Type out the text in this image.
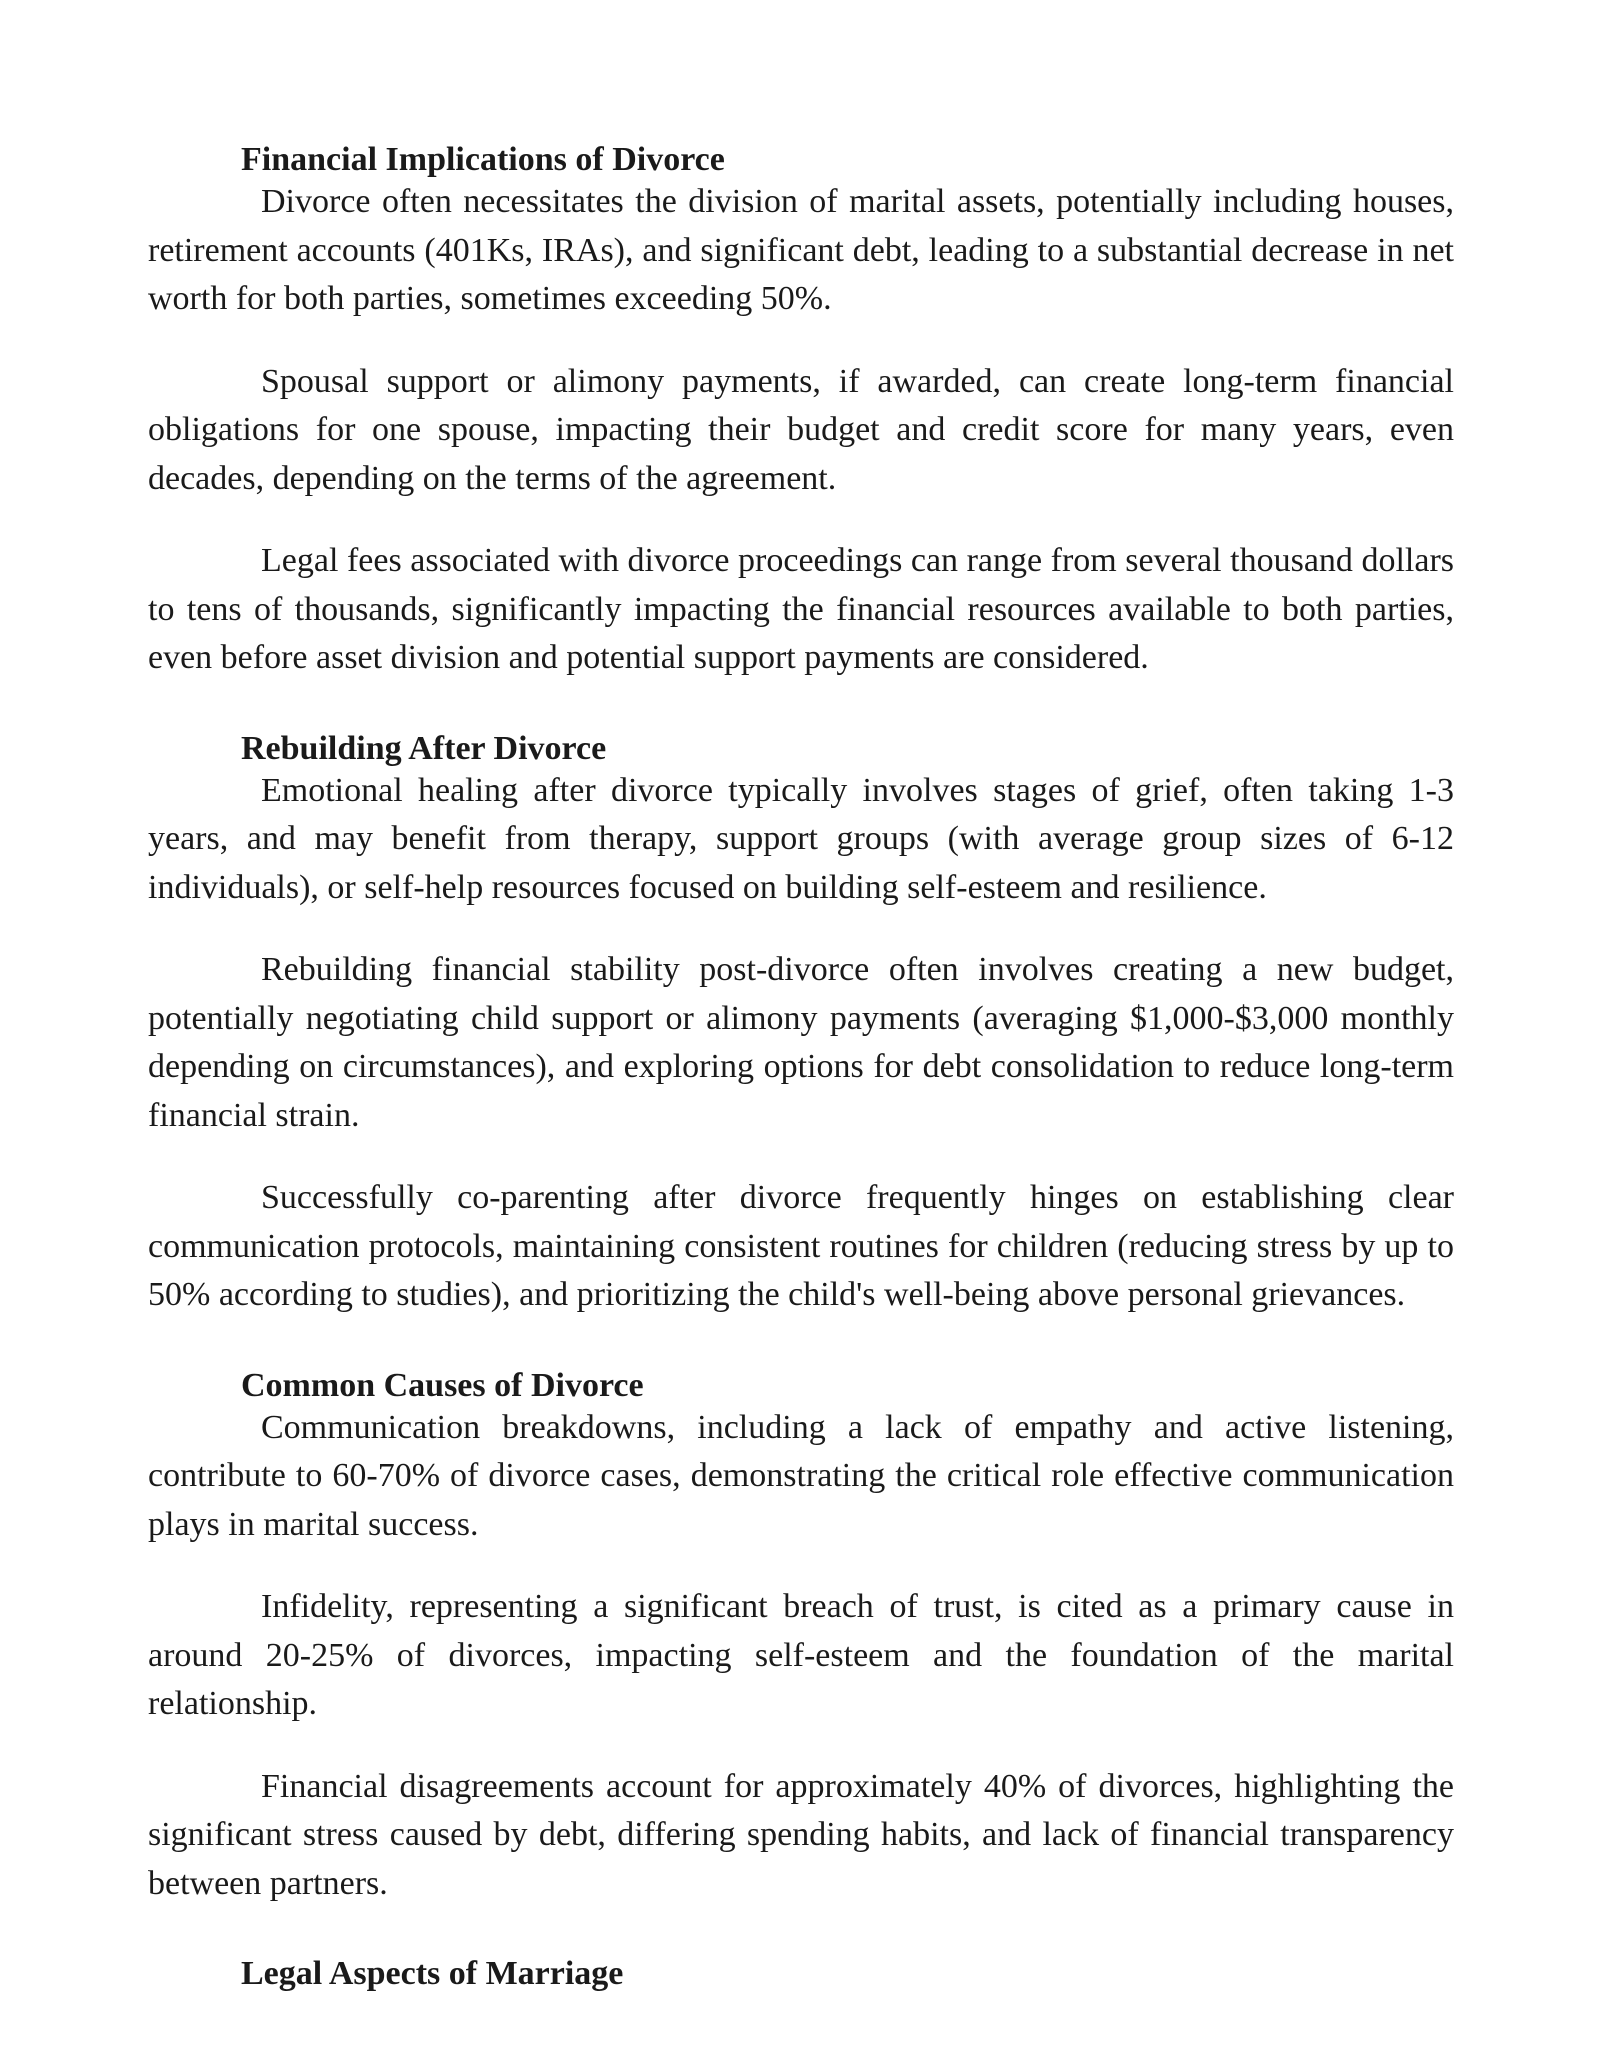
Financial Implications of Divorce

Divorce often necessitates the division of marital assets, potentially including houses, retirement accounts (401Ks, IRAs), and significant debt, leading to a substantial decrease in net worth for both parties, sometimes exceeding 50%.

Spousal support or alimony payments, if awarded, can create long-term financial obligations for one spouse, impacting their budget and credit score for many years, even decades, depending on the terms of the agreement.

Legal fees associated with divorce proceedings can range from several thousand dollars to tens of thousands, significantly impacting the financial resources available to both parties, even before asset division and potential support payments are considered.

Rebuilding After Divorce

Emotional healing after divorce typically involves stages of grief, often taking 1-3 years, and may benefit from therapy, support groups (with average group sizes of 6-12 individuals), or self-help resources focused on building self-esteem and resilience.

Rebuilding financial stability post-divorce often involves creating a new budget, potentially negotiating child support or alimony payments (averaging $1,000-$3,000 monthly depending on circumstances), and exploring options for debt consolidation to reduce long-term financial strain.

Successfully co-parenting after divorce frequently hinges on establishing clear communication protocols, maintaining consistent routines for children (reducing stress by up to 50% according to studies), and prioritizing the child's well-being above personal grievances.

Common Causes of Divorce

Communication breakdowns, including a lack of empathy and active listening, contribute to 60-70% of divorce cases, demonstrating the critical role effective communication plays in marital success.

Infidelity, representing a significant breach of trust, is cited as a primary cause in around 20-25% of divorces, impacting self-esteem and the foundation of the marital relationship.

Financial disagreements account for approximately 40% of divorces, highlighting the significant stress caused by debt, differing spending habits, and lack of financial transparency between partners.

Legal Aspects of Marriage
